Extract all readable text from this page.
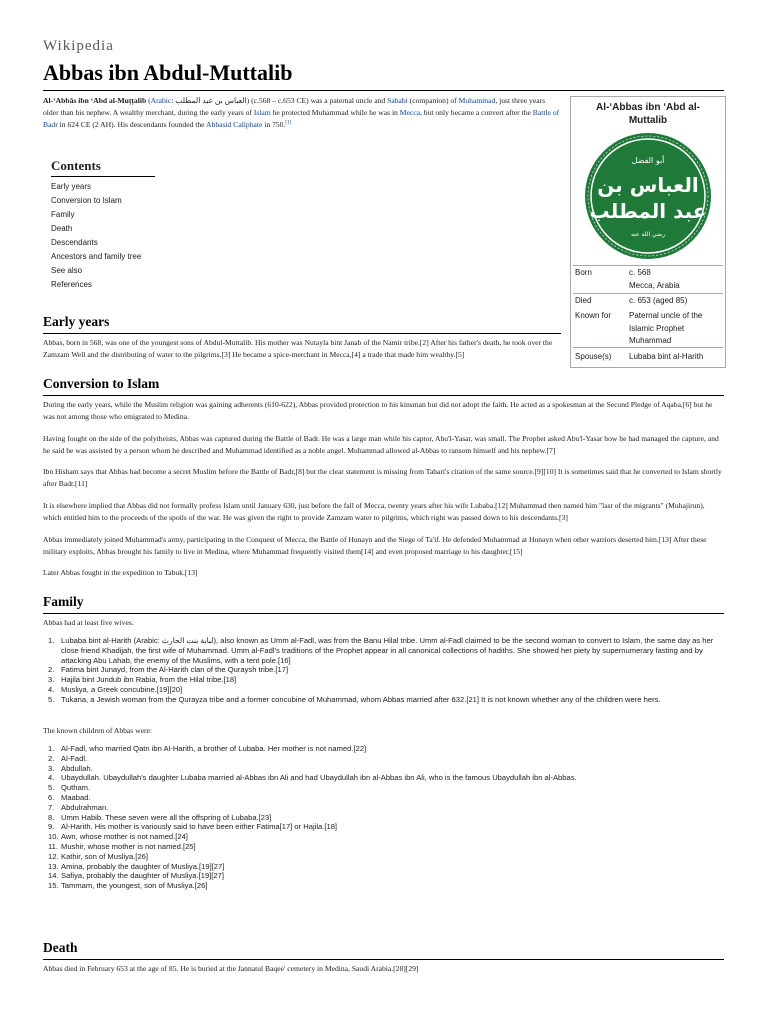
Wikipedia
Abbas ibn Abdul-Muttalib

Al-‘Abbās ibn ‘Abd al-Muṭṭalib (Arabic: العباس بن عبد المطلب) (c.568 – c.653 CE) was a paternal uncle and Sahabi (companion) of Muhammad, just three years older than his nephew. A wealthy merchant, during the early years of Islam he protected Muhammad while he was in Mecca, but only became a convert after the Battle of Badr in 624 CE (2 AH). His descendants founded the Abbasid Caliphate in 750.[1]

Contents
Early years
Conversion to Islam
Family
Death
Descendants
Ancestors and family tree
See also
References
Al-‘Abbas ibn ‘Abd al-Muttalib
أبو الفضل
العباس بن
عبد المطلب
رضي الله عنه
Born	c. 568
Mecca, Arabia
Died	c. 653 (aged 85)
Known for	Paternal uncle of the Islamic Prophet Muhammad
Spouse(s)	Lubaba bint al-Harith
Early years

Abbas, born in 568, was one of the youngest sons of Abdul-Muttalib. His mother was Nutayla bint Janab of the Namir tribe.[2] After his father's death, he took over the Zamzam Well and the distributing of water to the pilgrims.[3] He became a spice-merchant in Mecca,[4] a trade that made him wealthy.[5]

Conversion to Islam

During the early years, while the Muslim religion was gaining adherents (610-622), Abbas provided protection to his kinsman but did not adopt the faith. He acted as a spokesman at the Second Pledge of Aqaba,[6] but he was not among those who emigrated to Medina.

Having fought on the side of the polytheists, Abbas was captured during the Battle of Badr. He was a large man while his captor, Abu'l-Yasar, was small. The Prophet asked Abu'l-Yasar how he had managed the capture, and he said he was assisted by a person whom he described and Muhammad identified as a noble angel. Muhammad allowed al-Abbas to ransom himself and his nephew.[7]

Ibn Hisham says that Abbas had become a secret Muslim before the Battle of Badr,[8] but the clear statement is missing from Tabari's citation of the same source.[9][10] It is sometimes said that he converted to Islam shortly after Badr.[11]

It is elsewhere implied that Abbas did not formally profess Islam until January 630, just before the fall of Mecca, twenty years after his wife Lubaba.[12] Muhammad then named him "last of the migrants" (Muhajirun), which entitled him to the proceeds of the spoils of the war. He was given the right to provide Zamzam water to pilgrims, which right was passed down to his descendants.[3]

Abbas immediately joined Muhammad's army, participating in the Conquest of Mecca, the Battle of Hunayn and the Siege of Ta'if. He defended Muhammad at Hunayn when other warriors deserted him.[13] After these military exploits, Abbas brought his family to live in Medina, where Muhammad frequently visited them[14] and even proposed marriage to his daughter.[15]

Later Abbas fought in the expedition to Tabuk.[13]

Family

Abbas had at least five wives.

1. Lubaba bint al-Harith (Arabic: لبابة بنت الحارث), also known as Umm al-Fadl, was from the Banu Hilal tribe. Umm al-Fadl claimed to be the second woman to convert to Islam, the same day as her close friend Khadijah, the first wife of Muhammad. Umm al-Fadl's traditions of the Prophet appear in all canonical collections of hadiths. She showed her piety by supernumerary fasting and by attacking Abu Lahab, the enemy of the Muslims, with a tent pole.[16]
2. Fatima bint Junayd, from the Al-Harith clan of the Quraysh tribe.[17]
3. Hajila bint Jundub ibn Rabia, from the Hilal tribe.[18]
4. Musliya, a Greek concubine.[19][20]
5. Tukana, a Jewish woman from the Qurayza tribe and a former concubine of Muhammad, whom Abbas married after 632.[21] It is not known whether any of the children were hers.

The known children of Abbas were:

1. Al-Fadl, who married Qatn ibn Al-Harith, a brother of Lubaba. Her mother is not named.[22]
2. Al-Fadl.
3. Abdullah.
4. Ubaydullah. Ubaydullah's daughter Lubaba married al-Abbas ibn Ali and had Ubaydullah ibn al-Abbas ibn Ali, who is the famous Ubaydullah ibn al-Abbas.
5. Qutham.
6. Maabad.
7. Abdulrahman.
8. Umm Habib. These seven were all the offspring of Lubaba.[23]
9. Al-Harith. His mother is variously said to have been either Fatima[17] or Hajila.[18]
10. Awn, whose mother is not named.[24]
11. Mushir, whose mother is not named.[25]
12. Kathir, son of Musliya.[26]
13. Amina, probably the daughter of Musliya.[19][27]
14. Safiya, probably the daughter of Musliya.[19][27]
15. Tammam, the youngest, son of Musliya.[26]
Death

Abbas died in February 653 at the age of 85. He is buried at the Jannatul Baqee' cemetery in Medina, Saudi Arabia.[28][29]
